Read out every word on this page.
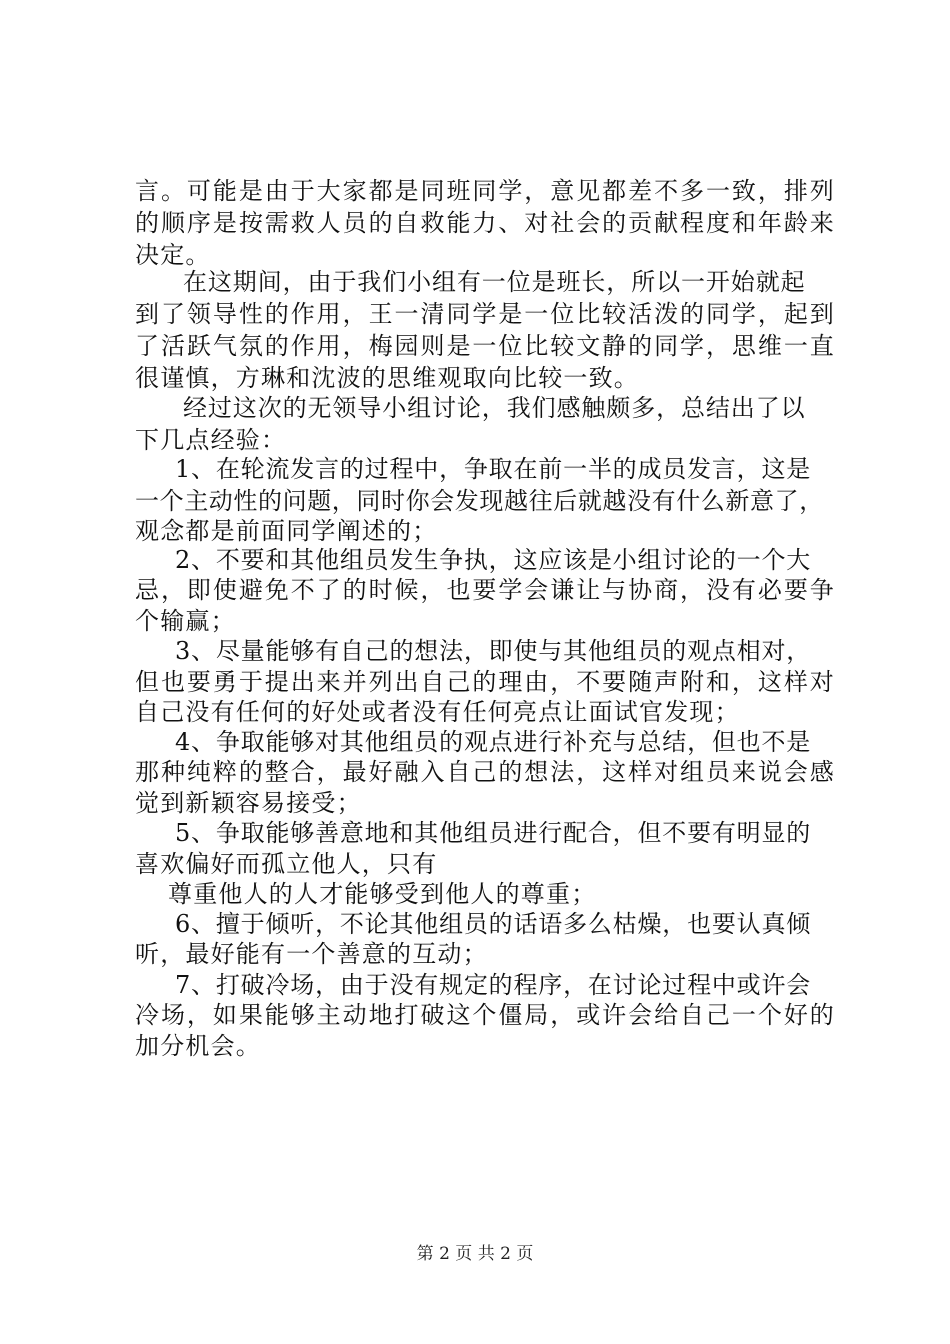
言。可能是由于大家都是同班同学，意见都差不多一致，排列
的顺序是按需救人员的自救能力、对社会的贡献程度和年龄来
决定。
在这期间，由于我们小组有一位是班长，所以一开始就起
到了领导性的作用，王一清同学是一位比较活泼的同学，起到
了活跃气氛的作用，梅园则是一位比较文静的同学，思维一直
很谨慎，方琳和沈波的思维观取向比较一致。
经过这次的无领导小组讨论，我们感触颇多，总结出了以
下几点经验：
1、在轮流发言的过程中，争取在前一半的成员发言，这是
一个主动性的问题，同时你会发现越往后就越没有什么新意了，
观念都是前面同学阐述的；
2、不要和其他组员发生争执，这应该是小组讨论的一个大
忌，即使避免不了的时候，也要学会谦让与协商，没有必要争
个输赢；
3、尽量能够有自己的想法，即使与其他组员的观点相对，
但也要勇于提出来并列出自己的理由，不要随声附和，这样对
自己没有任何的好处或者没有任何亮点让面试官发现；
4、争取能够对其他组员的观点进行补充与总结，但也不是
那种纯粹的整合，最好融入自己的想法，这样对组员来说会感
觉到新颖容易接受；
5、争取能够善意地和其他组员进行配合，但不要有明显的
喜欢偏好而孤立他人，只有
尊重他人的人才能够受到他人的尊重；
6、擅于倾听，不论其他组员的话语多么枯燥，也要认真倾
听，最好能有一个善意的互动；
7、打破冷场，由于没有规定的程序，在讨论过程中或许会
冷场，如果能够主动地打破这个僵局，或许会给自己一个好的
加分机会。
第 2 页 共 2 页
